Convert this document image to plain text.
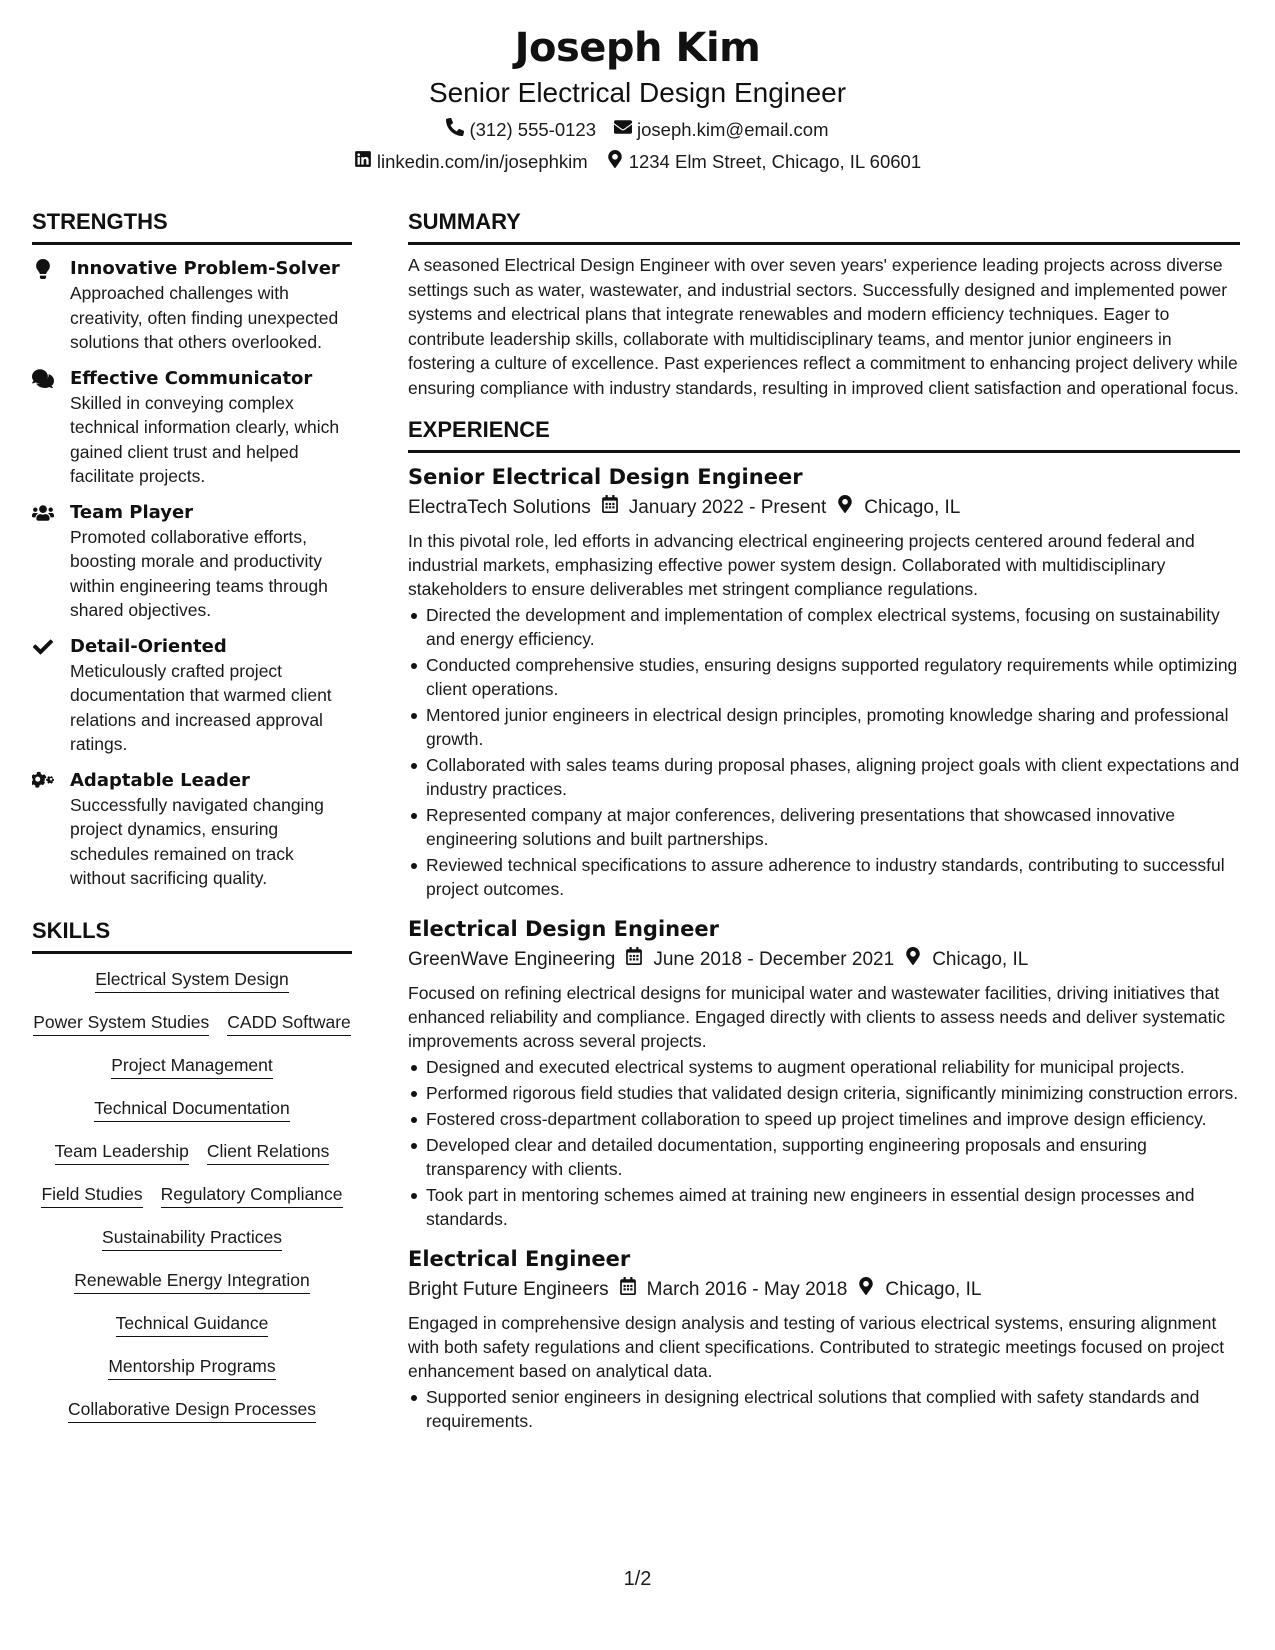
Joseph Kim
Senior Electrical Design Engineer
(312) 555-0123 joseph.kim@email.com
linkedin.com/in/josephkim 1234 Elm Street, Chicago, IL 60601
STRENGTHS
Innovative Problem-Solver
Approached challenges with creativity, often finding unexpected solutions that others overlooked.
Effective Communicator
Skilled in conveying complex technical information clearly, which gained client trust and helped facilitate projects.
Team Player
Promoted collaborative efforts, boosting morale and productivity within engineering teams through shared objectives.
Detail-Oriented
Meticulously crafted project documentation that warmed client relations and increased approval ratings.
Adaptable Leader
Successfully navigated changing project dynamics, ensuring schedules remained on track without sacrificing quality.
SKILLS
Electrical System Design
Power System Studies CADD Software
Project Management
Technical Documentation
Team Leadership Client Relations
Field Studies Regulatory Compliance
Sustainability Practices
Renewable Energy Integration
Technical Guidance
Mentorship Programs
Collaborative Design Processes
SUMMARY
A seasoned Electrical Design Engineer with over seven years' experience leading projects across diverse settings such as water, wastewater, and industrial sectors. Successfully designed and implemented power systems and electrical plans that integrate renewables and modern efficiency techniques. Eager to contribute leadership skills, collaborate with multidisciplinary teams, and mentor junior engineers in fostering a culture of excellence. Past experiences reflect a commitment to enhancing project delivery while ensuring compliance with industry standards, resulting in improved client satisfaction and operational focus.
EXPERIENCE
Senior Electrical Design Engineer
ElectraTech Solutions January 2022 - Present Chicago, IL
In this pivotal role, led efforts in advancing electrical engineering projects centered around federal and industrial markets, emphasizing effective power system design. Collaborated with multidisciplinary stakeholders to ensure deliverables met stringent compliance regulations.
Directed the development and implementation of complex electrical systems, focusing on sustainability and energy efficiency.
Conducted comprehensive studies, ensuring designs supported regulatory requirements while optimizing client operations.
Mentored junior engineers in electrical design principles, promoting knowledge sharing and professional growth.
Collaborated with sales teams during proposal phases, aligning project goals with client expectations and industry practices.
Represented company at major conferences, delivering presentations that showcased innovative engineering solutions and built partnerships.
Reviewed technical specifications to assure adherence to industry standards, contributing to successful project outcomes.
Electrical Design Engineer
GreenWave Engineering June 2018 - December 2021 Chicago, IL
Focused on refining electrical designs for municipal water and wastewater facilities, driving initiatives that enhanced reliability and compliance. Engaged directly with clients to assess needs and deliver systematic improvements across several projects.
Designed and executed electrical systems to augment operational reliability for municipal projects.
Performed rigorous field studies that validated design criteria, significantly minimizing construction errors.
Fostered cross-department collaboration to speed up project timelines and improve design efficiency.
Developed clear and detailed documentation, supporting engineering proposals and ensuring transparency with clients.
Took part in mentoring schemes aimed at training new engineers in essential design processes and standards.
Electrical Engineer
Bright Future Engineers March 2016 - May 2018 Chicago, IL
Engaged in comprehensive design analysis and testing of various electrical systems, ensuring alignment with both safety regulations and client specifications. Contributed to strategic meetings focused on project enhancement based on analytical data.
Supported senior engineers in designing electrical solutions that complied with safety standards and requirements.
1/2
